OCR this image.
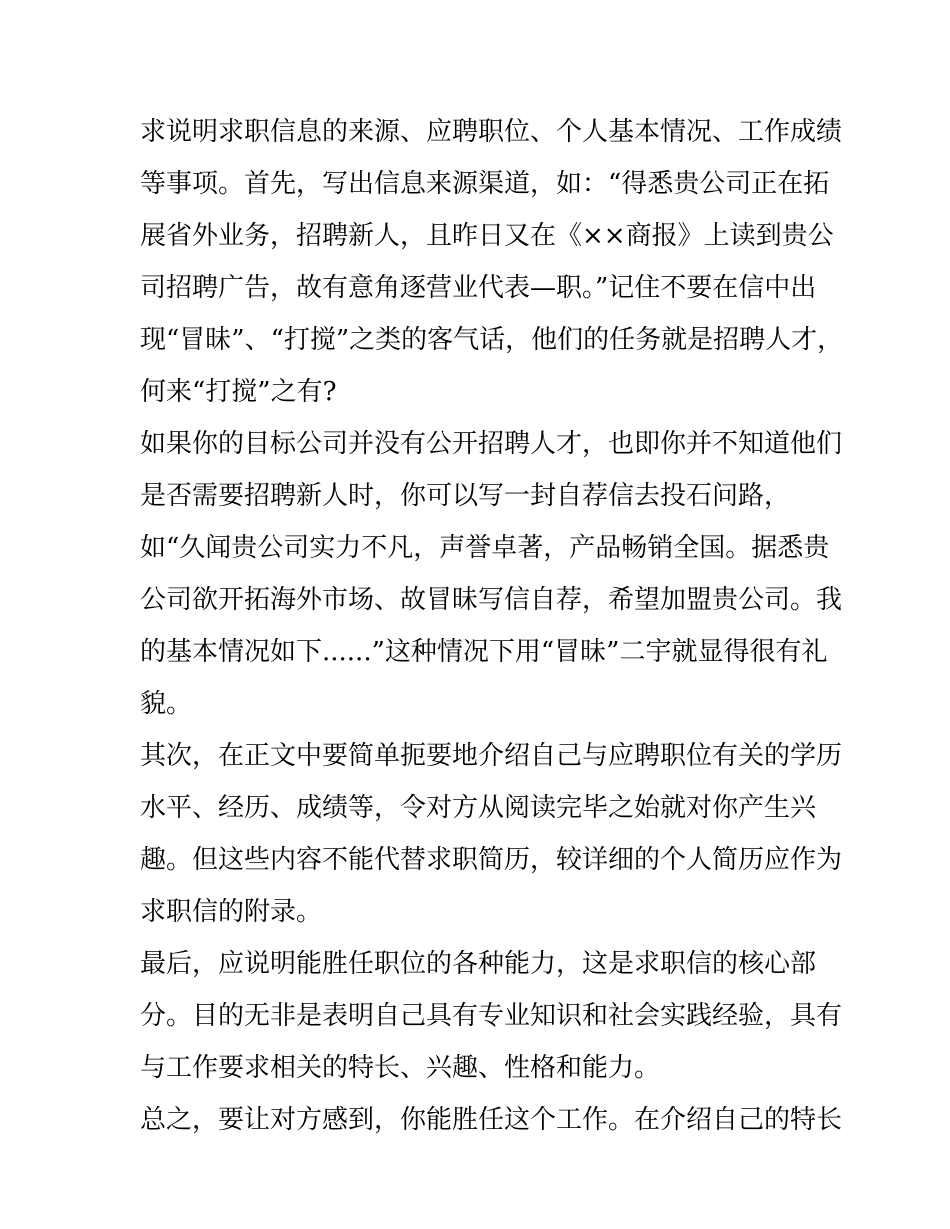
求说明求职信息的来源、应聘职位、个人基本情况、工作成绩
等事项。首先，写出信息来源渠道，如：“得悉贵公司正在拓
展省外业务，招聘新人，且昨日又在《××商报》上读到贵公
司招聘广告，故有意角逐营业代表—职。”记住不要在信中出
现“冒昧”、“打搅”之类的客气话，他们的任务就是招聘人才，
何来“打搅”之有?
如果你的目标公司并没有公开招聘人才，也即你并不知道他们
是否需要招聘新人时，你可以写一封自荐信去投石问路，
如“久闻贵公司实力不凡，声誉卓著，产品畅销全国。据悉贵
公司欲开拓海外市场、故冒昧写信自荐，希望加盟贵公司。我
的基本情况如下......”这种情况下用“冒昧”二宇就显得很有礼
貌。
其次，在正文中要简单扼要地介绍自己与应聘职位有关的学历
水平、经历、成绩等，令对方从阅读完毕之始就对你产生兴
趣。但这些内容不能代替求职简历，较详细的个人简历应作为
求职信的附录。
最后，应说明能胜任职位的各种能力，这是求职信的核心部
分。目的无非是表明自己具有专业知识和社会实践经验，具有
与工作要求相关的特长、兴趣、性格和能力。
总之，要让对方感到，你能胜任这个工作。在介绍自己的特长
